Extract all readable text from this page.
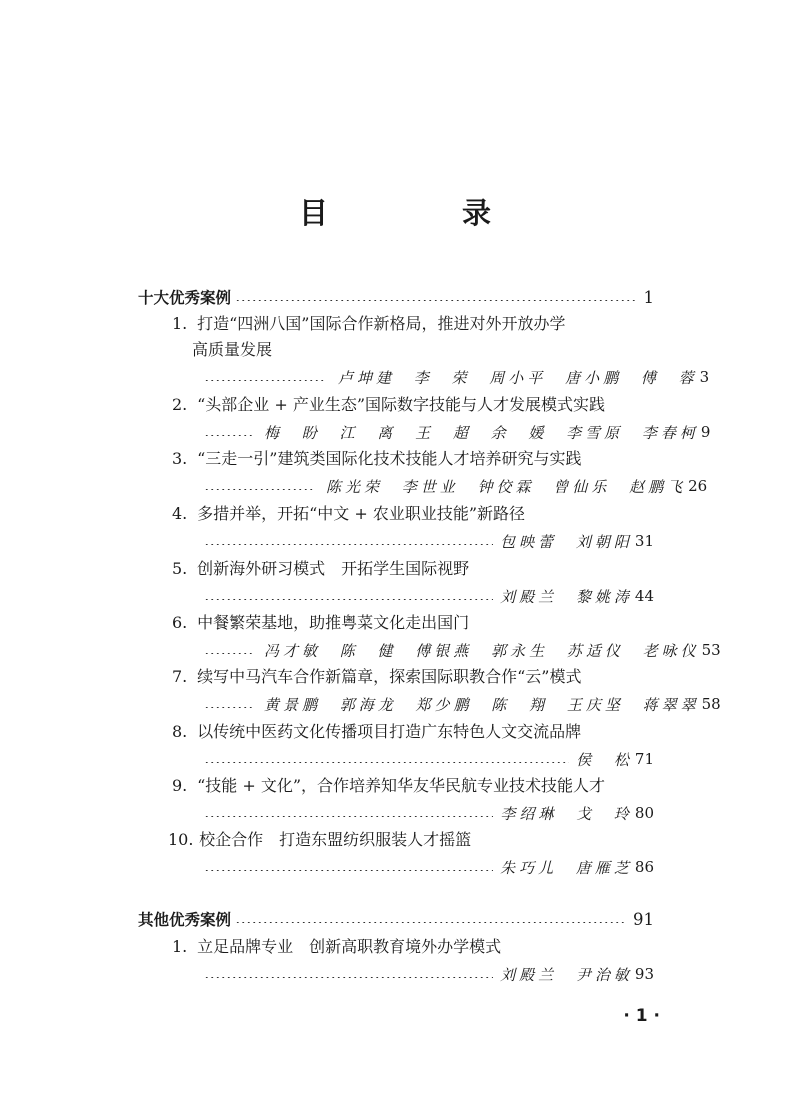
目 录
十大优秀案例	1
1. 打造“四洲八国”国际合作新格局，推进对外开放办学
高质量发展
卢坤建 李 荣 周小平 唐小鹏 傅 蓉 3
2. “头部企业 + 产业生态”国际数字技能与人才发展模式实践
梅 盼 江 离 王 超 余 媛 李雪原 李春柯 9
3. “三走一引”建筑类国际化技术技能人才培养研究与实践
陈光荣 李世业 钟佼霖 曾仙乐 赵鹏飞 26
4. 多措并举，开拓“中文 + 农业职业技能”新路径
包映蕾 刘朝阳 31
5. 创新海外研习模式　开拓学生国际视野
刘殿兰 黎姚涛 44
6. 中餐繁荣基地，助推粤菜文化走出国门
冯才敏 陈 健 傅银燕 郭永生 苏适仪 老咏仪 53
7. 续写中马汽车合作新篇章，探索国际职教合作“云”模式
黄景鹏 郭海龙 郑少鹏 陈 翔 王庆坚 蒋翠翠 58
8. 以传统中医药文化传播项目打造广东特色人文交流品牌
侯 松 71
9. “技能 + 文化”，合作培养知华友华民航专业技术技能人才
李绍琳 戈 玲 80
10. 校企合作　打造东盟纺织服装人才摇篮
朱巧儿 唐雁芝 86
其他优秀案例	91
1. 立足品牌专业　创新高职教育境外办学模式
刘殿兰 尹治敏 93
· 1 ·
